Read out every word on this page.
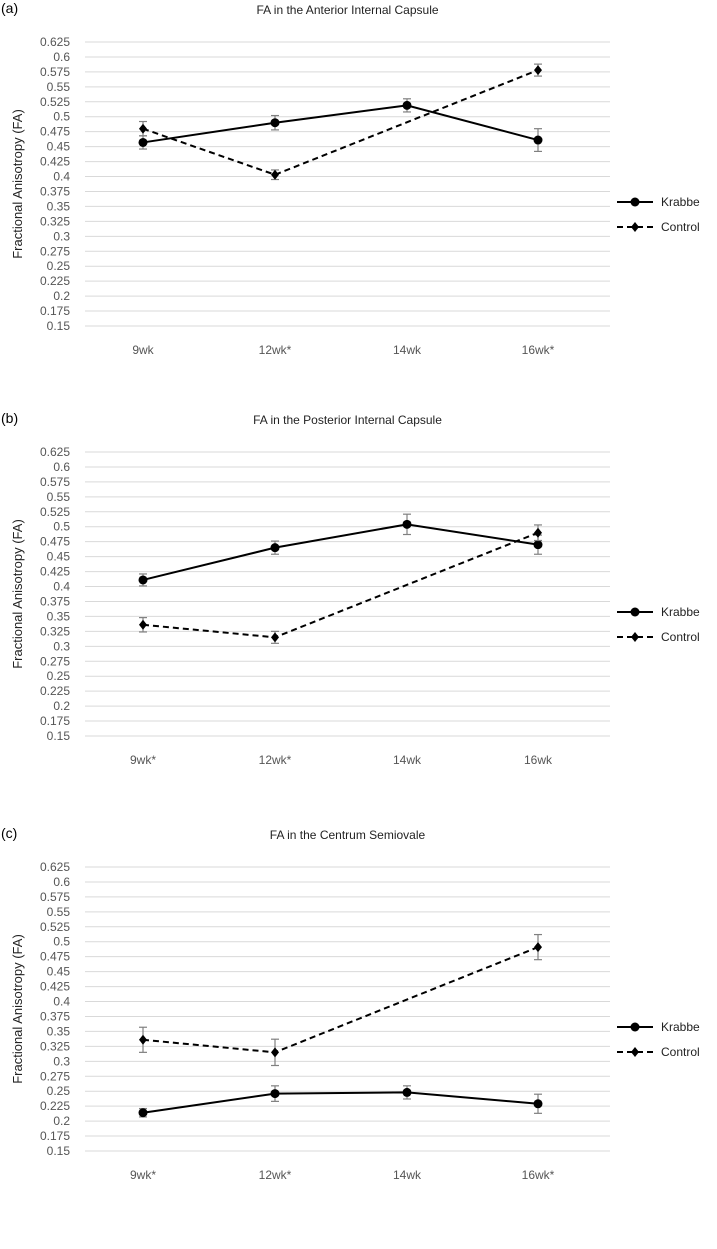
(a)	FA in the Anterior Internal Capsule
0.15
0.175
0.2
0.225
0.25
0.275
0.3
0.325
0.35
0.375
0.4
0.425
0.45
0.475
0.5
0.525
0.55
0.575
0.6
0.625
Fractional Anisotropy (FA)
9wk	12wk*	14wk	16wk*
Krabbe
Control
(b)	FA in the Posterior Internal Capsule
0.15
0.175
0.2
0.225
0.25
0.275
0.3
0.325
0.35
0.375
0.4
0.425
0.45
0.475
0.5
0.525
0.55
0.575
0.6
0.625
Fractional Anisotropy (FA)
9wk*	12wk*	14wk	16wk
Krabbe
Control
(c)	FA in the Centrum Semiovale
0.15
0.175
0.2
0.225
0.25
0.275
0.3
0.325
0.35
0.375
0.4
0.425
0.45
0.475
0.5
0.525
0.55
0.575
0.6
0.625
Fractional Anisotropy (FA)
9wk*	12wk*	14wk	16wk*
Krabbe
Control
